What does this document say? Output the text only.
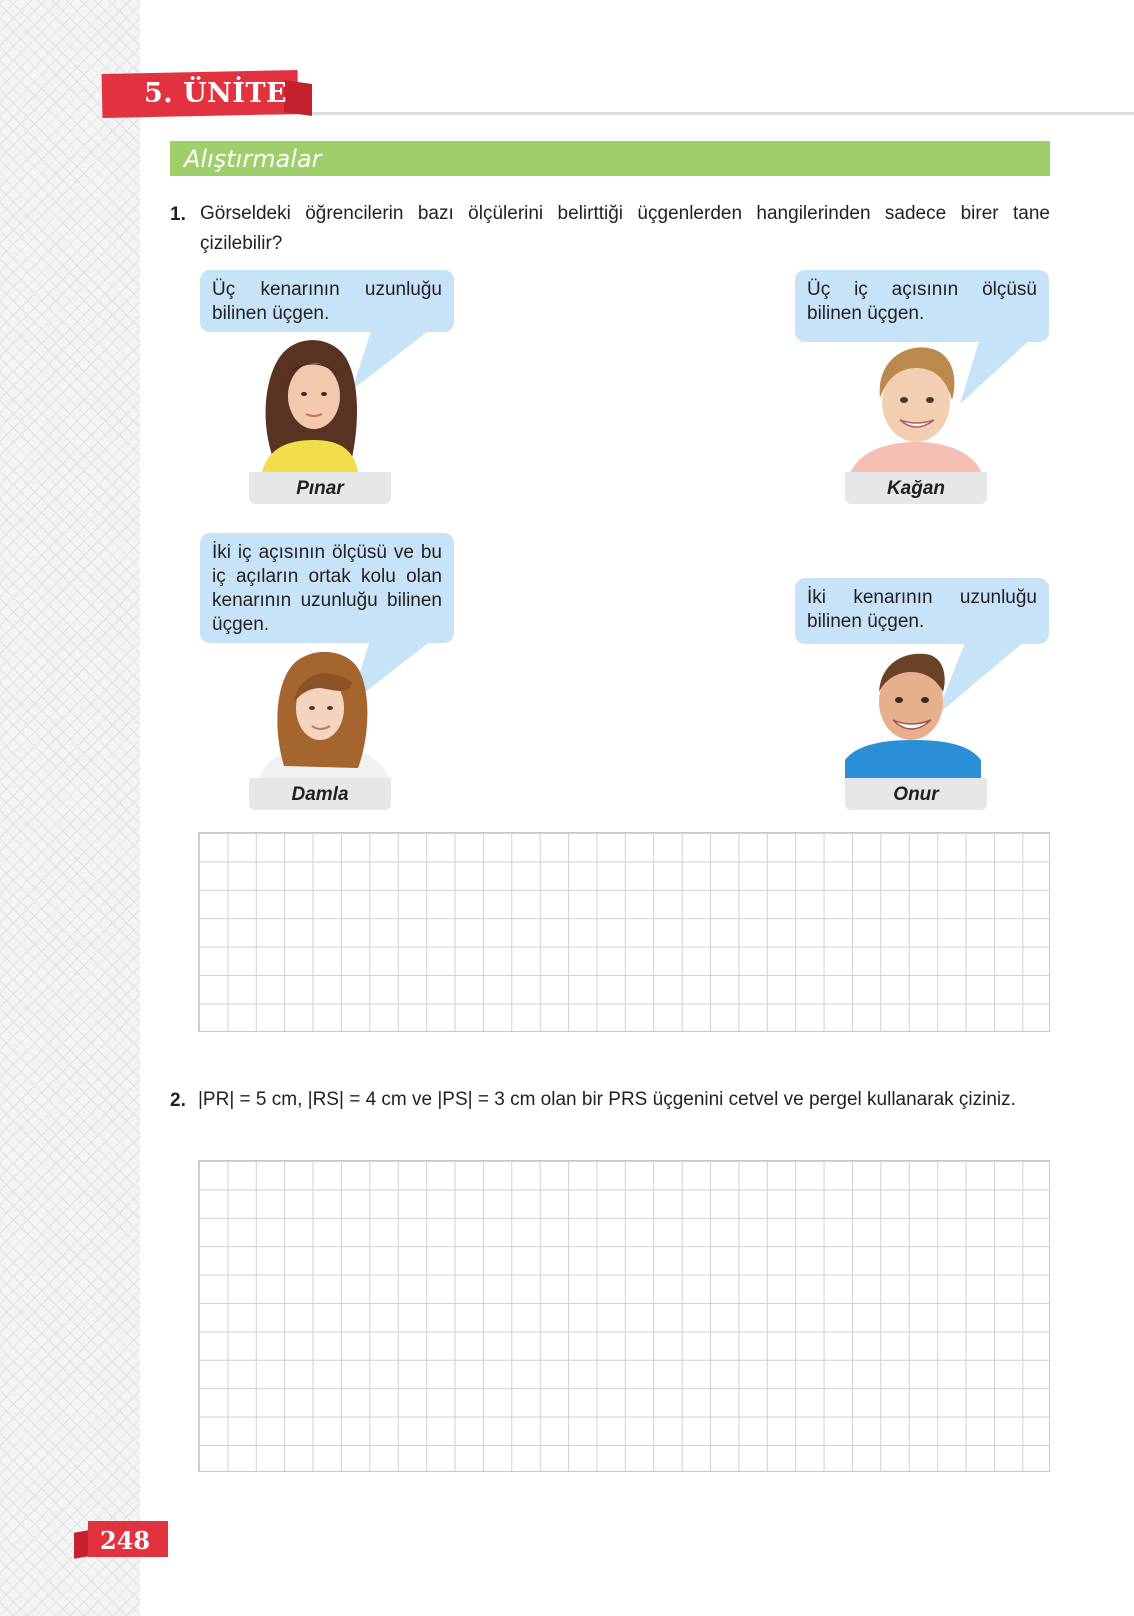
5. ÜNİTE
Alıştırmalar
1. Görseldeki öğrencilerin bazı ölçülerini belirttiği üçgenlerden hangilerinden sadece birer tane çizilebilir?
Üç kenarının uzunluğu bilinen üçgen.
Pınar
Üç iç açısının ölçüsü bilinen üçgen.
Kağan
İki iç açısının ölçüsü ve bu iç açıların ortak kolu olan kenarının uzunluğu bilinen üçgen.
Damla
İki kenarının uzunluğu bilinen üçgen.
Onur
2. |PR| = 5 cm, |RS| = 4 cm ve |PS| = 3 cm olan bir PRS üçgenini cetvel ve pergel kullanarak çiziniz.
248
